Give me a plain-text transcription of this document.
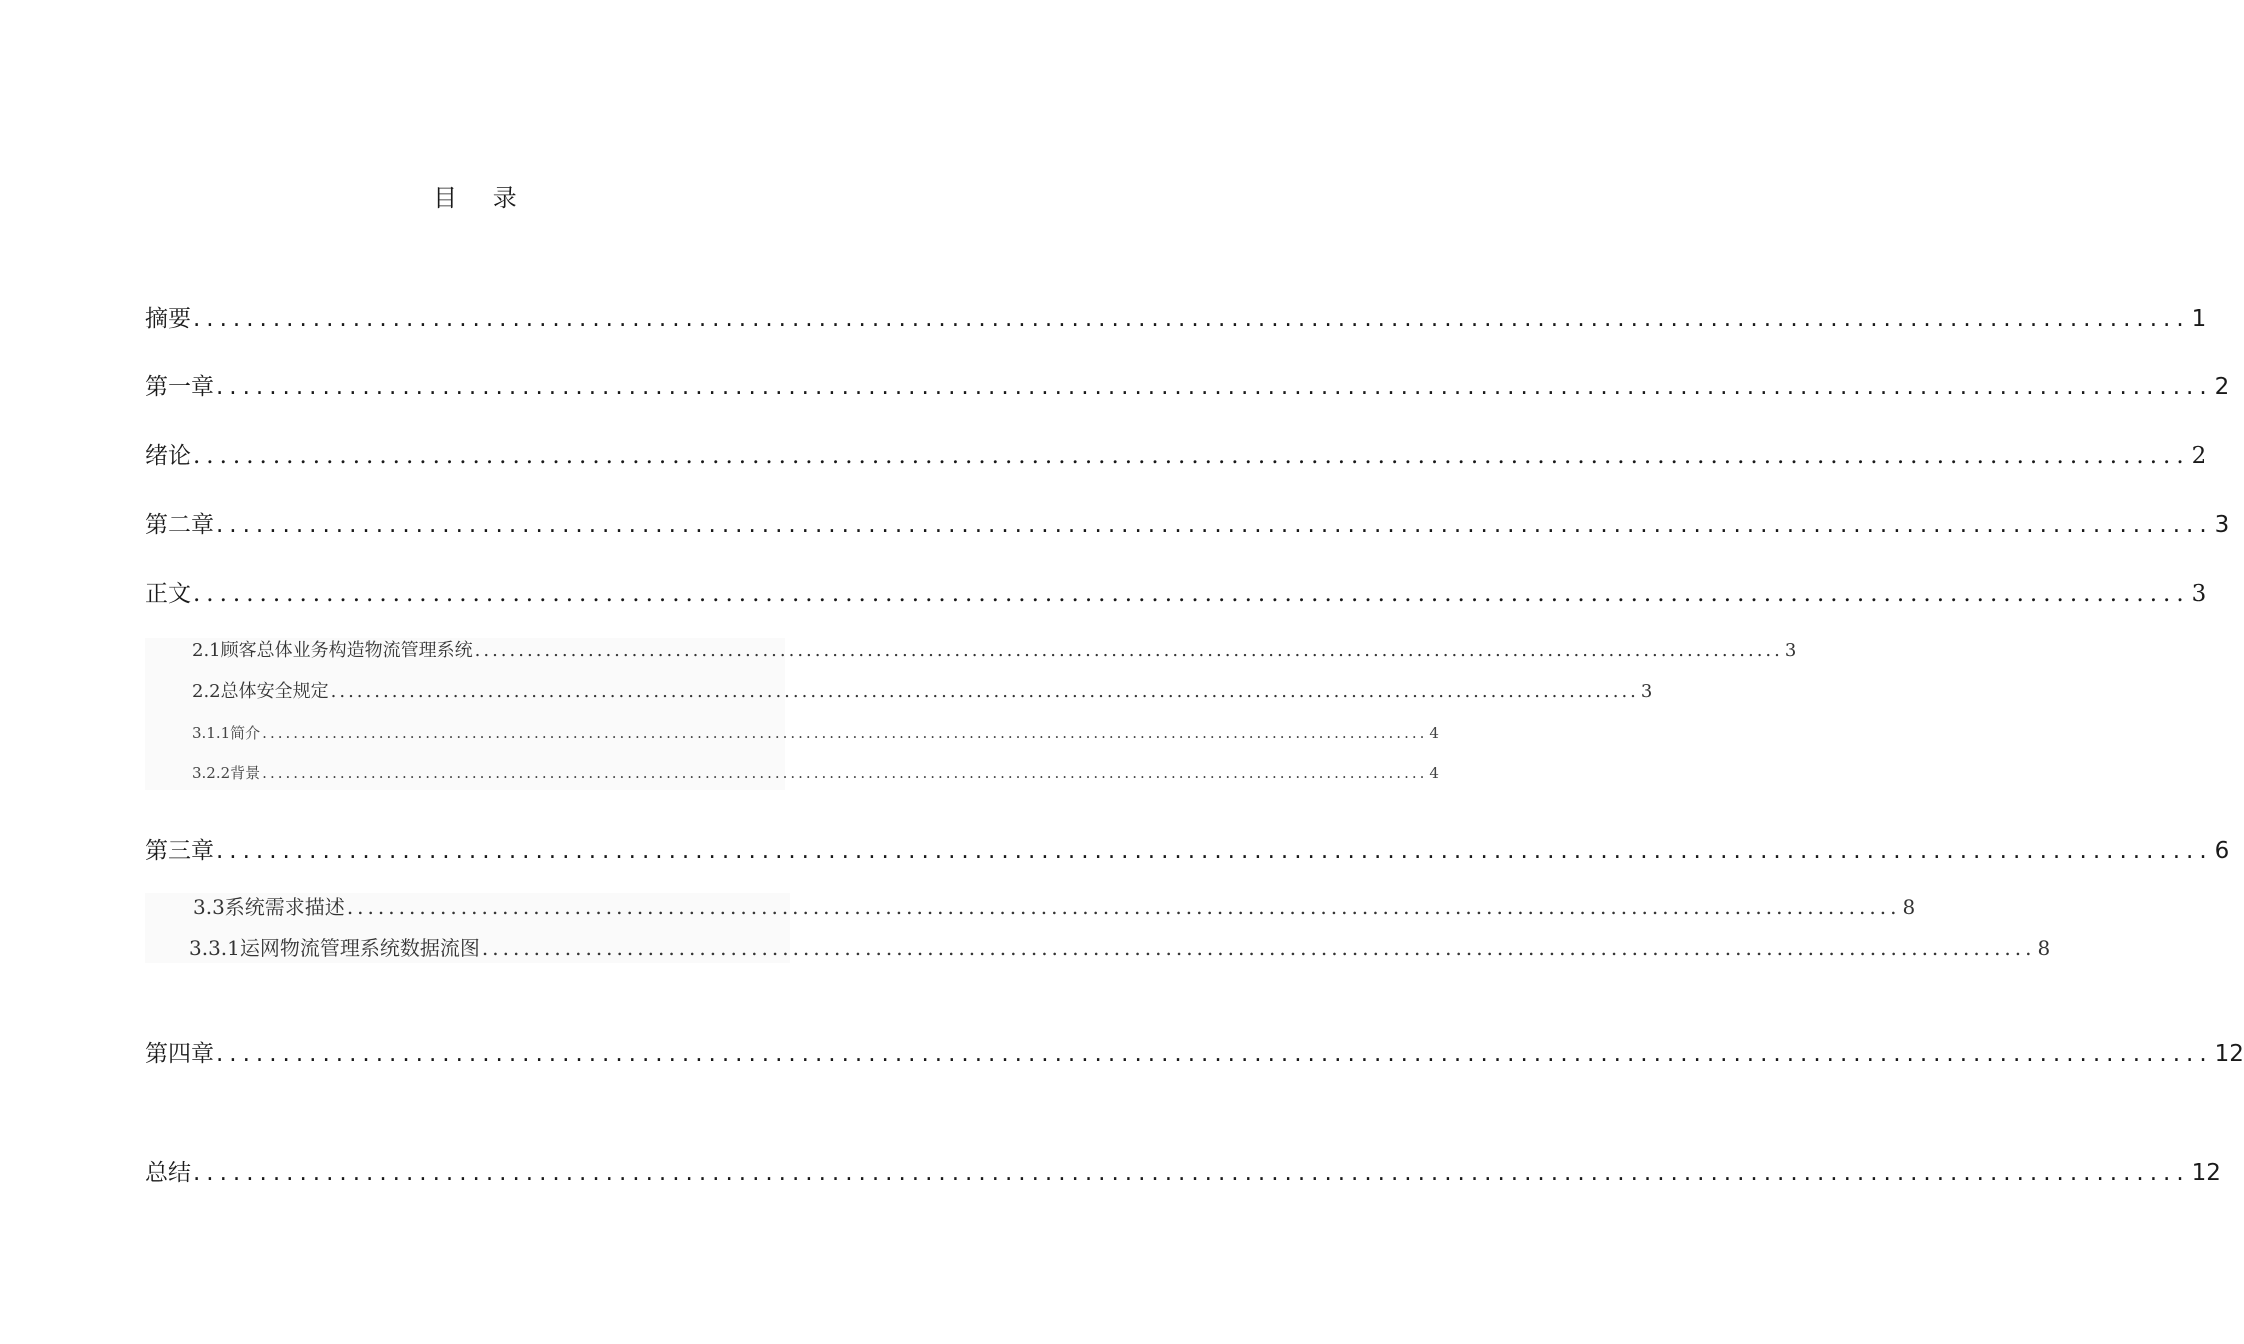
目 录
摘要 ...................................................................................................................................................... 1
第一章 ...................................................................................................................................................... 2
绪论 ...................................................................................................................................................... 2
第二章 ...................................................................................................................................................... 3
正文 ...................................................................................................................................................... 3
2.1顾客总体业务构造物流管理系统 ...................................................................................................................................................... 3
2.2总体安全规定 ...................................................................................................................................................... 3
3.1.1简介 ...................................................................................................................................................... 4
3.2.2背景 ...................................................................................................................................................... 4
第三章 ...................................................................................................................................................... 6
3.3系统需求描述 ...................................................................................................................................................... 8
3.3.1运网物流管理系统数据流图 ...................................................................................................................................................... 8
第四章 ...................................................................................................................................................... 12
总结 ...................................................................................................................................................... 12
